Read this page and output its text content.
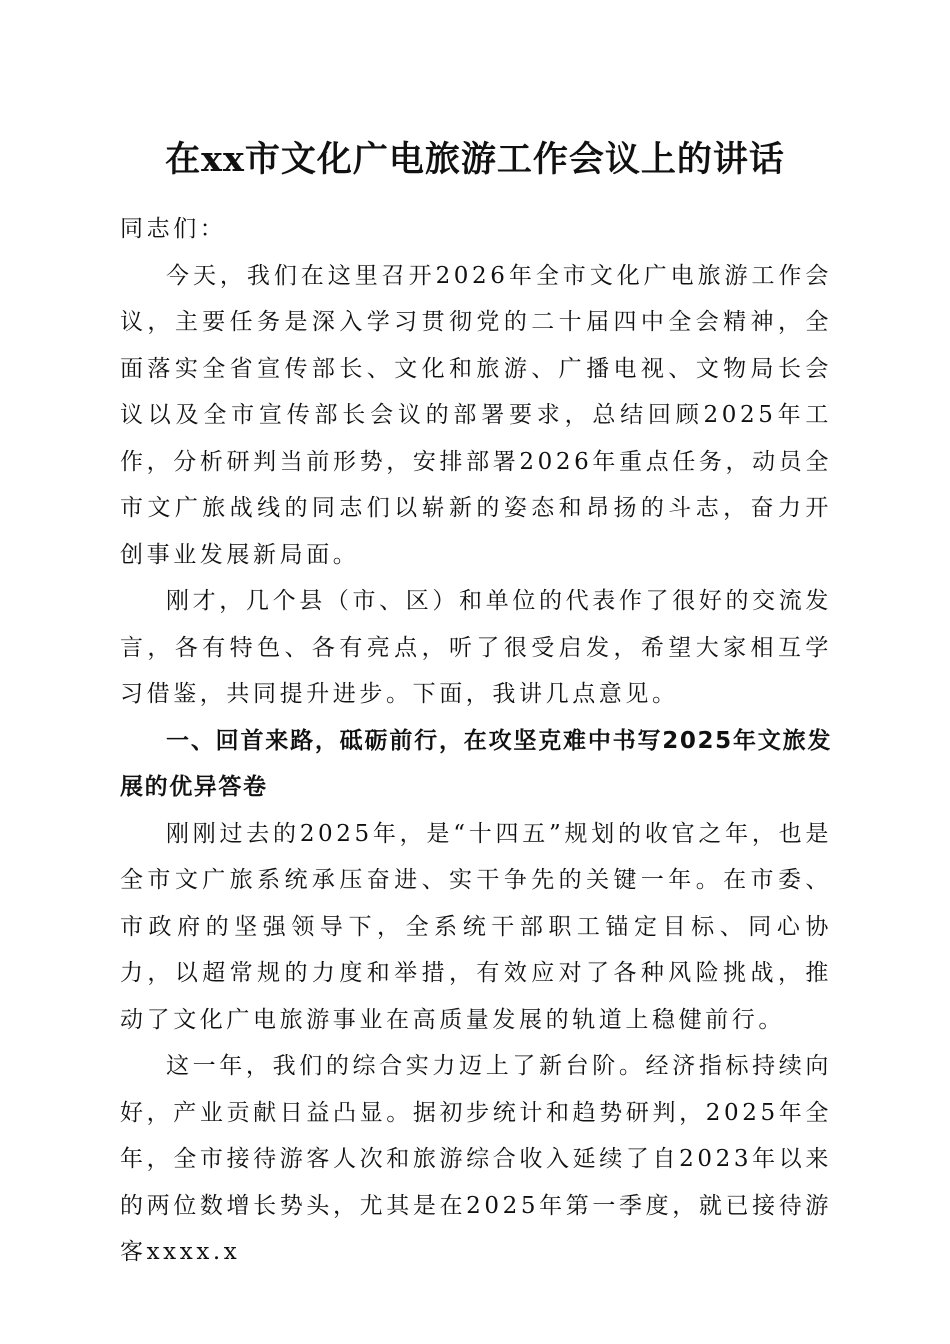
在xx市文化广电旅游工作会议上的讲话

同志们：

今天，我们在这里召开2026年全市文化广电旅游工作会议，主要任务是深入学习贯彻党的二十届四中全会精神，全面落实全省宣传部长、文化和旅游、广播电视、文物局长会议以及全市宣传部长会议的部署要求，总结回顾2025年工作，分析研判当前形势，安排部署2026年重点任务，动员全市文广旅战线的同志们以崭新的姿态和昂扬的斗志，奋力开创事业发展新局面。

刚才，几个县（市、区）和单位的代表作了很好的交流发言，各有特色、各有亮点，听了很受启发，希望大家相互学习借鉴，共同提升进步。下面，我讲几点意见。

一、回首来路，砥砺前行，在攻坚克难中书写2025年文旅发展的优异答卷

刚刚过去的2025年，是“十四五”规划的收官之年，也是全市文广旅系统承压奋进、实干争先的关键一年。在市委、市政府的坚强领导下，全系统干部职工锚定目标、同心协力，以超常规的力度和举措，有效应对了各种风险挑战，推动了文化广电旅游事业在高质量发展的轨道上稳健前行。

这一年，我们的综合实力迈上了新台阶。经济指标持续向好，产业贡献日益凸显。据初步统计和趋势研判，2025年全年，全市接待游客人次和旅游综合收入延续了自2023年以来的两位数增长势头，尤其是在2025年第一季度，就已接待游客xxxx.x
